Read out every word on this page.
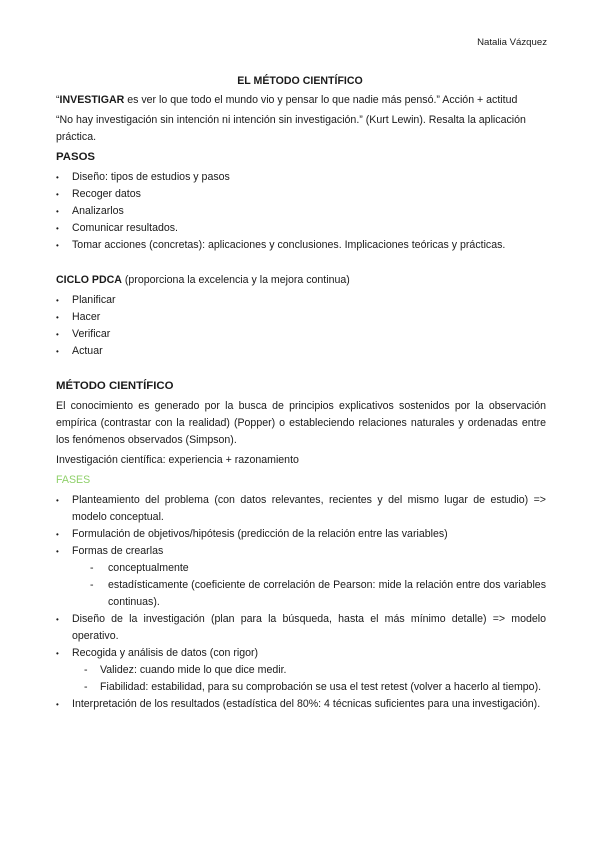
Natalia Vázquez
EL MÉTODO CIENTÍFICO

“INVESTIGAR es ver lo que todo el mundo vio y pensar lo que nadie más pensó.” Acción + actitud

“No hay investigación sin intención ni intención sin investigación.” (Kurt Lewin). Resalta la aplicación práctica.

PASOS

• Diseño: tipos de estudios y pasos
• Recoger datos
• Analizarlos
• Comunicar resultados.
• Tomar acciones (concretas): aplicaciones y conclusiones. Implicaciones teóricas y prácticas.

CICLO PDCA (proporciona la excelencia y la mejora continua)

• Planificar
• Hacer
• Verificar
• Actuar

MÉTODO CIENTÍFICO

El conocimiento es generado por la busca de principios explicativos sostenidos por la observación empírica (contrastar con la realidad) (Popper) o estableciendo relaciones naturales y ordenadas entre los fenómenos observados (Simpson).

Investigación científica: experiencia + razonamiento

FASES

• Planteamiento del problema (con datos relevantes, recientes y del mismo lugar de estudio) => modelo conceptual.
• Formulación de objetivos/hipótesis (predicción de la relación entre las variables)
• Formas de crearlas
- conceptualmente
- estadísticamente (coeficiente de correlación de Pearson: mide la relación entre dos variables continuas).
• Diseño de la investigación (plan para la búsqueda, hasta el más mínimo detalle) => modelo operativo.
• Recogida y análisis de datos (con rigor)
- Validez: cuando mide lo que dice medir.
- Fiabilidad: estabilidad, para su comprobación se usa el test retest (volver a hacerlo al tiempo).
• Interpretación de los resultados (estadística del 80%: 4 técnicas suficientes para una investigación).
